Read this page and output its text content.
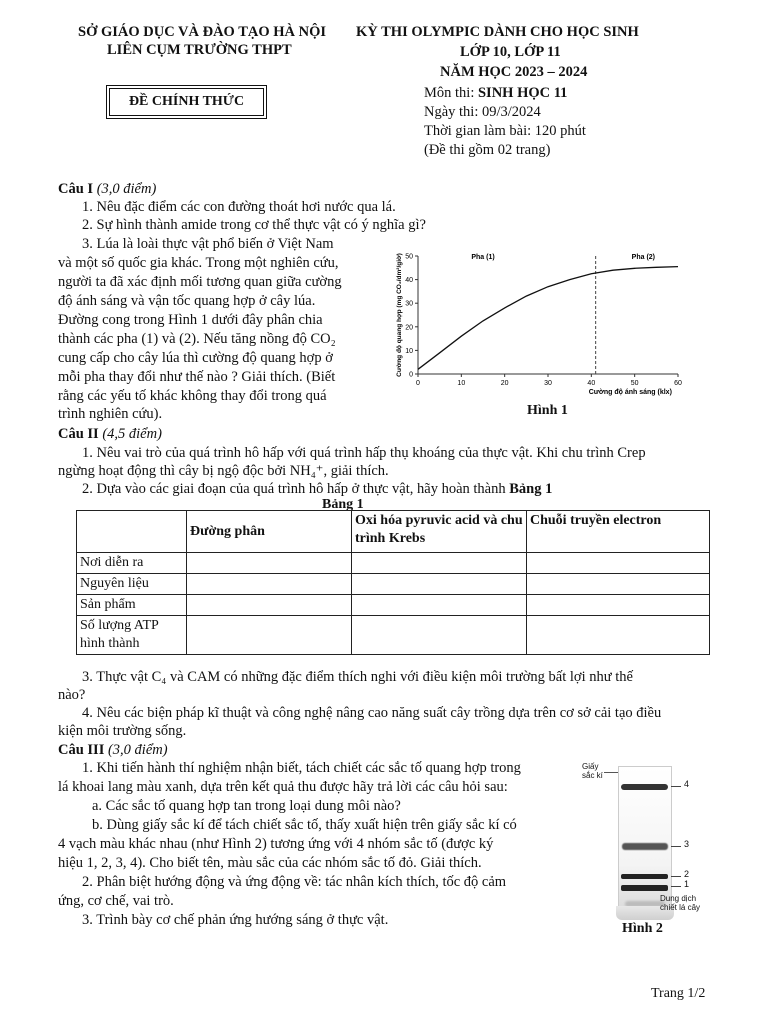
SỞ GIÁO DỤC VÀ ĐÀO TẠO HÀ NỘI
LIÊN CỤM TRƯỜNG THPT
ĐỀ CHÍNH THỨC
KỲ THI OLYMPIC DÀNH CHO HỌC SINH
LỚP 10, LỚP 11
NĂM HỌC 2023 – 2024
Môn thi: SINH HỌC 11
Ngày thi: 09/3/2024
Thời gian làm bài: 120 phút
(Đề thi gồm 02 trang)
Câu I (3,0 điểm)
1. Nêu đặc điểm các con đường thoát hơi nước qua lá.
2. Sự hình thành amide trong cơ thể thực vật có ý nghĩa gì?
3. Lúa là loài thực vật phổ biến ở Việt Nam
và một số quốc gia khác. Trong một nghiên cứu,
người ta đã xác định mối tương quan giữa cường
độ ánh sáng và vận tốc quang hợp ở cây lúa.
Đường cong trong Hình 1 dưới đây phân chia
thành các pha (1) và (2). Nếu tăng nồng độ CO₂
cung cấp cho cây lúa thì cường độ quang hợp ở
mỗi pha thay đổi như thế nào ? Giải thích. (Biết
rằng các yếu tố khác không thay đổi trong quá
trình nghiên cứu).
0	10	20	30	40	50	60
0
10
20
30
40
50	Pha (1)	Pha (2)
Cường độ ánh sáng (klx)
Cường độ quang hợp (mg CO₂/dm²/giờ)
Hình 1
Câu II (4,5 điểm)
1. Nêu vai trò của quá trình hô hấp với quá trình hấp thụ khoáng của thực vật. Khi chu trình Crep
ngừng hoạt động thì cây bị ngộ độc bởi NH₄⁺, giải thích.
2. Dựa vào các giai đoạn của quá trình hô hấp ở thực vật, hãy hoàn thành Bảng 1
Bảng 1
	Đường phân	Oxi hóa pyruvic acid và chu trình Krebs	Chuỗi truyền electron
Nơi diễn ra			
Nguyên liệu			
Sản phẩm			
Số lượng ATP hình thành			
3. Thực vật C₄ và CAM có những đặc điểm thích nghi với điều kiện môi trường bất lợi như thế
nào?
4. Nêu các biện pháp kĩ thuật và công nghệ nâng cao năng suất cây trồng dựa trên cơ sở cải tạo điều
kiện môi trường sống.
Câu III (3,0 điểm)
1. Khi tiến hành thí nghiệm nhận biết, tách chiết các sắc tố quang hợp trong
lá khoai lang màu xanh, dựa trên kết quả thu được hãy trả lời các câu hỏi sau:
a. Các sắc tố quang hợp tan trong loại dung môi nào?
b. Dùng giấy sắc kí để tách chiết sắc tố, thấy xuất hiện trên giấy sắc kí có
4 vạch màu khác nhau (như Hình 2) tương ứng với 4 nhóm sắc tố (được ký
hiệu 1, 2, 3, 4). Cho biết tên, màu sắc của các nhóm sắc tố đỏ. Giải thích.
2. Phân biệt hướng động và ứng động về: tác nhân kích thích, tốc độ cảm
ứng, cơ chế, vai trò.
3. Trình bày cơ chế phản ứng hướng sáng ở thực vật.
Giấy
sắc kí
4
3
2
1
Dung dịch
chiết lá cây
Hình 2
Trang 1/2
